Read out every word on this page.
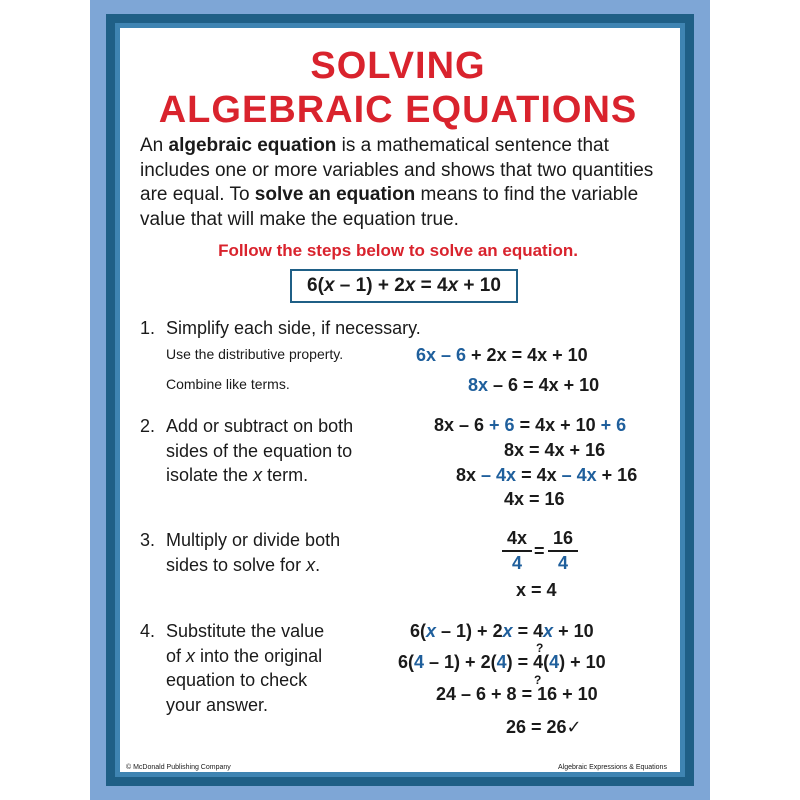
SOLVING
ALGEBRAIC EQUATIONS
An algebraic equation is a mathematical sentence that includes one or more variables and shows that two quantities are equal. To solve an equation means to find the variable value that will make the equation true.
Follow the steps below to solve an equation.
6(x – 1) + 2x = 4x + 10
1. Simplify each side, if necessary.
Use the distributive property.
Combine like terms.
6x – 6 + 2x = 4x + 10
8x – 6 = 4x + 10
2. Add or subtract on both
sides of the equation to
isolate the x term.
8x – 6 + 6 = 4x + 10 + 6
8x = 4x + 16
8x – 4x = 4x – 4x + 16
4x = 16
3. Multiply or divide both
sides to solve for x.	$\frac{4x}{4} = \frac{16}{4}$
x = 4
4. Substitute the value
of x into the original
equation to check
your answer.
6(x – 1) + 2x = 4x + 10
?
6(4 – 1) + 2(4) = 4(4) + 10
?
24 – 6 + 8 = 16 + 10
26 = 26✓
© McDonald Publishing Company	Algebraic Expressions & Equations
